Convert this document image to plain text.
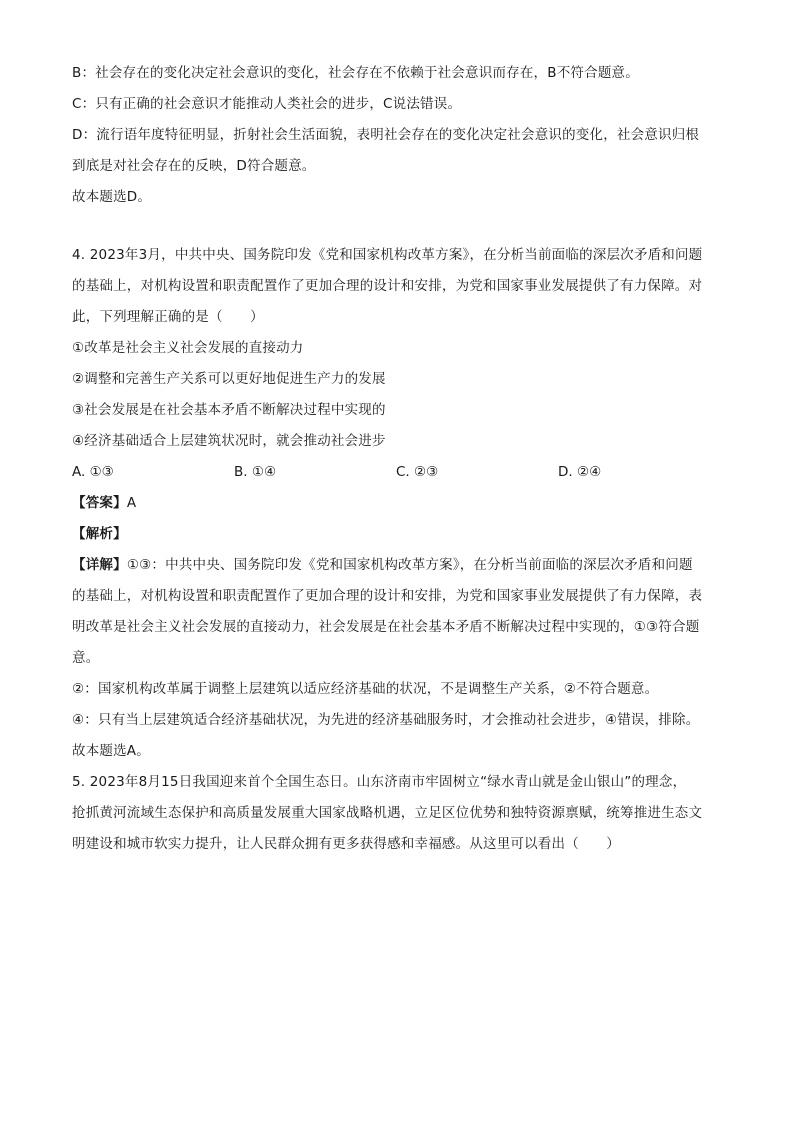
B：社会存在的变化决定社会意识的变化，社会存在不依赖于社会意识而存在，B不符合题意。
C：只有正确的社会意识才能推动人类社会的进步，C说法错误。
D：流行语年度特征明显，折射社会生活面貌，表明社会存在的变化决定社会意识的变化，社会意识归根
到底是对社会存在的反映，D符合题意。
故本题选D。
4. 2023年3月，中共中央、国务院印发《党和国家机构改革方案》，在分析当前面临的深层次矛盾和问题
的基础上，对机构设置和职责配置作了更加合理的设计和安排，为党和国家事业发展提供了有力保障。对
此，下列理解正确的是（　　）
①改革是社会主义社会发展的直接动力
②调整和完善生产关系可以更好地促进生产力的发展
③社会发展是在社会基本矛盾不断解决过程中实现的
④经济基础适合上层建筑状况时，就会推动社会进步
A. ①③	B. ①④	C. ②③	D. ②④
【答案】A
【解析】
【详解】①③：中共中央、国务院印发《党和国家机构改革方案》，在分析当前面临的深层次矛盾和问题
的基础上，对机构设置和职责配置作了更加合理的设计和安排，为党和国家事业发展提供了有力保障，表
明改革是社会主义社会发展的直接动力，社会发展是在社会基本矛盾不断解决过程中实现的，①③符合题
意。
②：国家机构改革属于调整上层建筑以适应经济基础的状况，不是调整生产关系，②不符合题意。
④：只有当上层建筑适合经济基础状况，为先进的经济基础服务时，才会推动社会进步，④错误，排除。
故本题选A。
5. 2023年8月15日我国迎来首个全国生态日。山东济南市牢固树立“绿水青山就是金山银山”的理念，
抢抓黄河流域生态保护和高质量发展重大国家战略机遇，立足区位优势和独特资源禀赋，统筹推进生态文
明建设和城市软实力提升，让人民群众拥有更多获得感和幸福感。从这里可以看出（　　）
